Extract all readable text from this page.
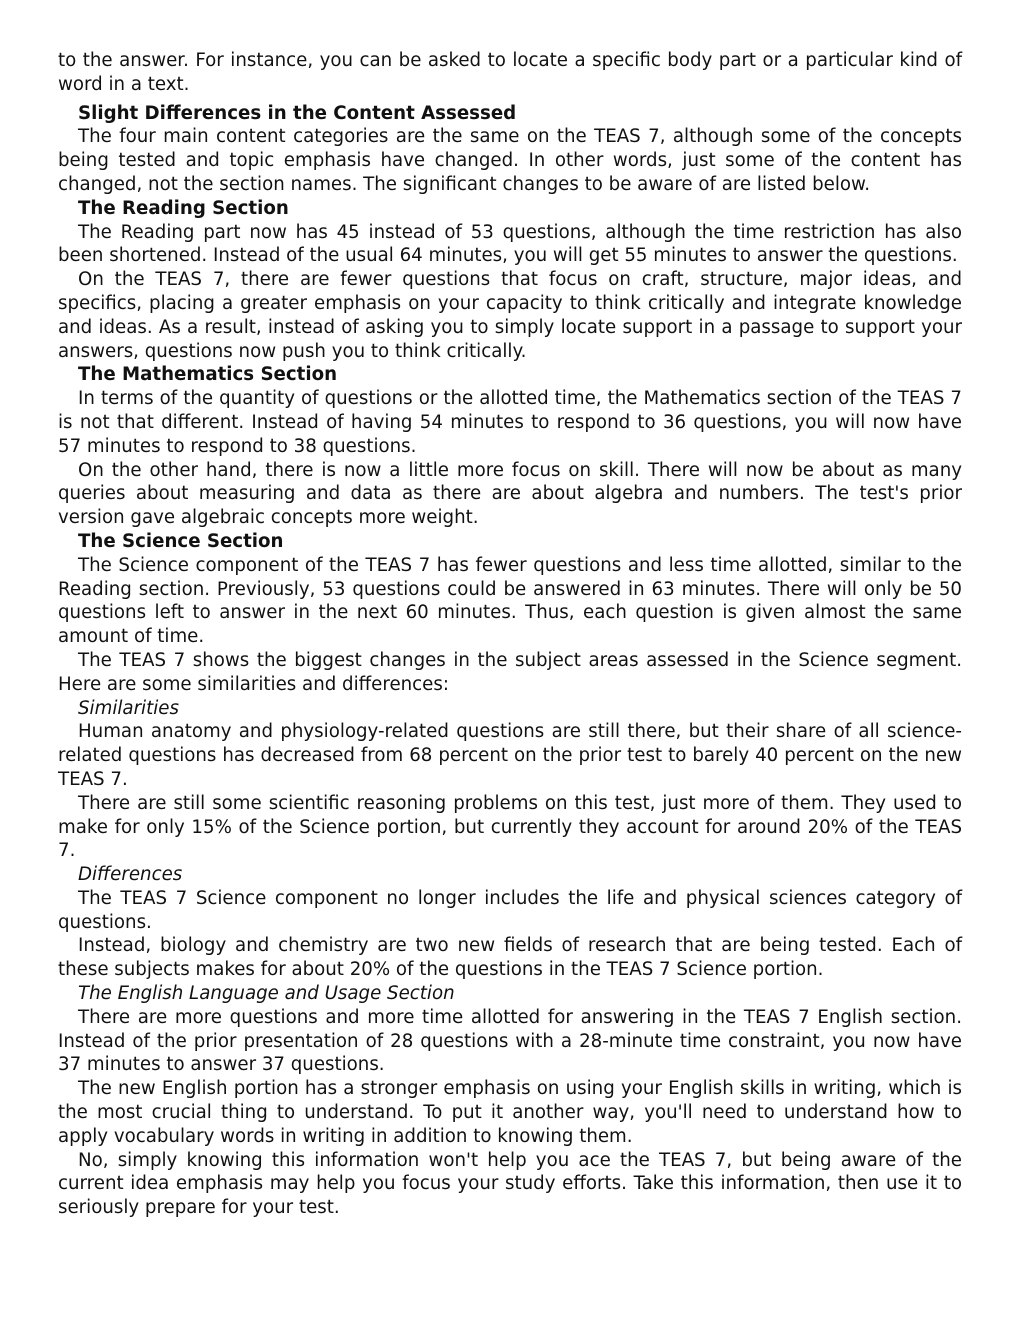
to the answer. For instance, you can be asked to locate a specific body part or a particular kind of word in a text.

Slight Differences in the Content Assessed

The four main content categories are the same on the TEAS 7, although some of the concepts being tested and topic emphasis have changed. In other words, just some of the content has changed, not the section names. The significant changes to be aware of are listed below.

The Reading Section

The Reading part now has 45 instead of 53 questions, although the time restriction has also been shortened. Instead of the usual 64 minutes, you will get 55 minutes to answer the questions.

On the TEAS 7, there are fewer questions that focus on craft, structure, major ideas, and specifics, placing a greater emphasis on your capacity to think critically and integrate knowledge and ideas. As a result, instead of asking you to simply locate support in a passage to support your answers, questions now push you to think critically.

The Mathematics Section

In terms of the quantity of questions or the allotted time, the Mathematics section of the TEAS 7 is not that different. Instead of having 54 minutes to respond to 36 questions, you will now have 57 minutes to respond to 38 questions.

On the other hand, there is now a little more focus on skill. There will now be about as many queries about measuring and data as there are about algebra and numbers. The test's prior version gave algebraic concepts more weight.

The Science Section

The Science component of the TEAS 7 has fewer questions and less time allotted, similar to the Reading section. Previously, 53 questions could be answered in 63 minutes. There will only be 50 questions left to answer in the next 60 minutes. Thus, each question is given almost the same amount of time.

The TEAS 7 shows the biggest changes in the subject areas assessed in the Science segment. Here are some similarities and differences:

Similarities

Human anatomy and physiology-related questions are still there, but their share of all science-related questions has decreased from 68 percent on the prior test to barely 40 percent on the new TEAS 7.

There are still some scientific reasoning problems on this test, just more of them. They used to make for only 15% of the Science portion, but currently they account for around 20% of the TEAS 7.

Differences

The TEAS 7 Science component no longer includes the life and physical sciences category of questions.

Instead, biology and chemistry are two new fields of research that are being tested. Each of these subjects makes for about 20% of the questions in the TEAS 7 Science portion.

The English Language and Usage Section

There are more questions and more time allotted for answering in the TEAS 7 English section. Instead of the prior presentation of 28 questions with a 28-minute time constraint, you now have 37 minutes to answer 37 questions.

The new English portion has a stronger emphasis on using your English skills in writing, which is the most crucial thing to understand. To put it another way, you'll need to understand how to apply vocabulary words in writing in addition to knowing them.

No, simply knowing this information won't help you ace the TEAS 7, but being aware of the current idea emphasis may help you focus your study efforts. Take this information, then use it to seriously prepare for your test.
